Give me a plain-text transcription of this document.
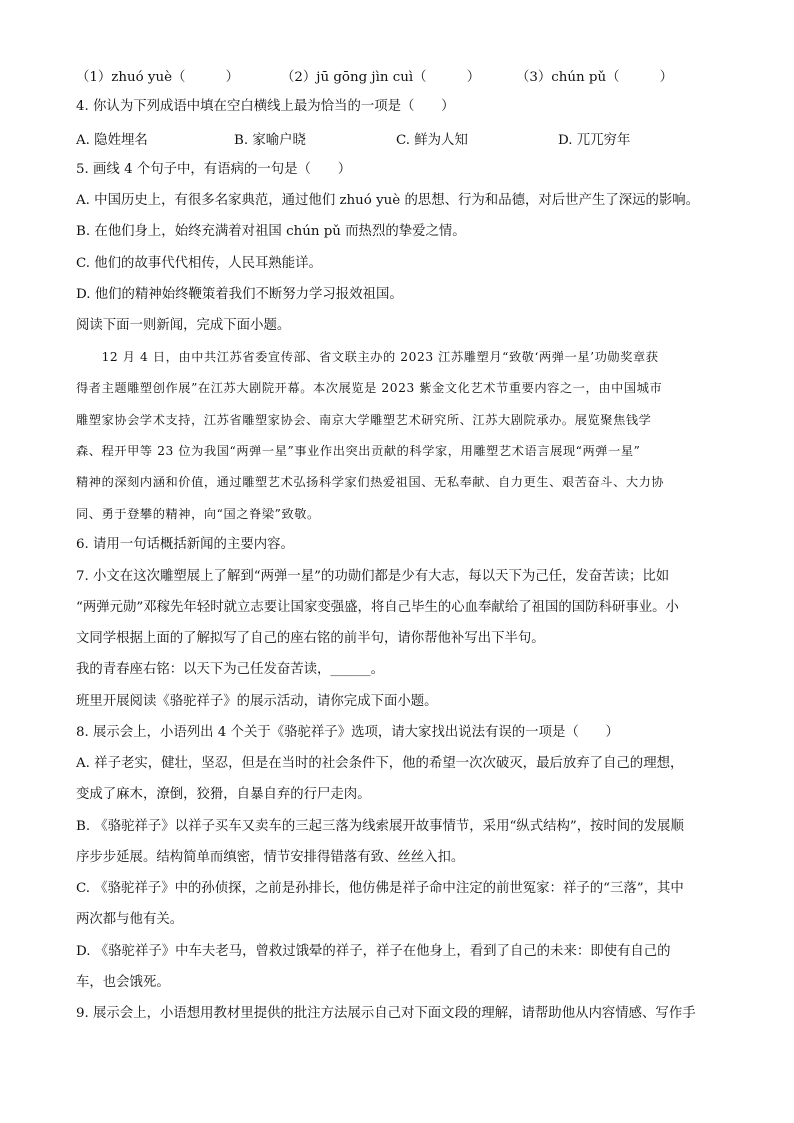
（1）zhuó yuè（　　　）	（2）jū gōng jìn cuì（　　　）	（3）chún pǔ（　　　）
4. 你认为下列成语中填在空白横线上最为恰当的一项是（　　）
A. 隐姓埋名	B. 家喻户晓	C. 鲜为人知	D. 兀兀穷年
5. 画线 4 个句子中，有语病的一句是（　　）
A. 中国历史上，有很多名家典范，通过他们 zhuó yuè 的思想、行为和品德，对后世产生了深远的影响。
B. 在他们身上，始终充满着对祖国 chún pǔ 而热烈的挚爱之情。
C. 他们的故事代代相传，人民耳熟能详。
D. 他们的精神始终鞭策着我们不断努力学习报效祖国。
阅读下面一则新闻，完成下面小题。
　　12 月 4 日，由中共江苏省委宣传部、省文联主办的 2023 江苏雕塑月“致敬‘两弹一星’功勋奖章获
得者主题雕塑创作展”在江苏大剧院开幕。本次展览是 2023 紫金文化艺术节重要内容之一，由中国城市
雕塑家协会学术支持，江苏省雕塑家协会、南京大学雕塑艺术研究所、江苏大剧院承办。展览聚焦钱学
森、程开甲等 23 位为我国“两弹一星”事业作出突出贡献的科学家，用雕塑艺术语言展现“两弹一星”
精神的深刻内涵和价值，通过雕塑艺术弘扬科学家们热爱祖国、无私奉献、自力更生、艰苦奋斗、大力协
同、勇于登攀的精神，向“国之脊梁”致敬。
6. 请用一句话概括新闻的主要内容。
7. 小文在这次雕塑展上了解到“两弹一星”的功勋们都是少有大志，每以天下为己任，发奋苦读；比如
“两弹元勋”邓稼先年轻时就立志要让国家变强盛，将自己毕生的心血奉献给了祖国的国防科研事业。小
文同学根据上面的了解拟写了自己的座右铭的前半句，请你帮他补写出下半句。
我的青春座右铭：以天下为己任发奋苦读，______。
班里开展阅读《骆驼祥子》的展示活动，请你完成下面小题。
8. 展示会上，小语列出 4 个关于《骆驼祥子》选项，请大家找出说法有误的一项是（　　）
A. 祥子老实，健壮，坚忍，但是在当时的社会条件下，他的希望一次次破灭，最后放弃了自己的理想，
变成了麻木，潦倒，狡猾，自暴自弃的行尸走肉。
B. 《骆驼祥子》以祥子买车又卖车的三起三落为线索展开故事情节，采用“纵式结构”，按时间的发展顺
序步步延展。结构简单而缜密，情节安排得错落有致、丝丝入扣。
C. 《骆驼祥子》中的孙侦探，之前是孙排长，他仿佛是祥子命中注定的前世冤家：祥子的“三落”，其中
两次都与他有关。
D. 《骆驼祥子》中车夫老马，曾救过饿晕的祥子，祥子在他身上，看到了自己的未来：即使有自己的
车，也会饿死。
9. 展示会上，小语想用教材里提供的批注方法展示自己对下面文段的理解，请帮助他从内容情感、写作手
